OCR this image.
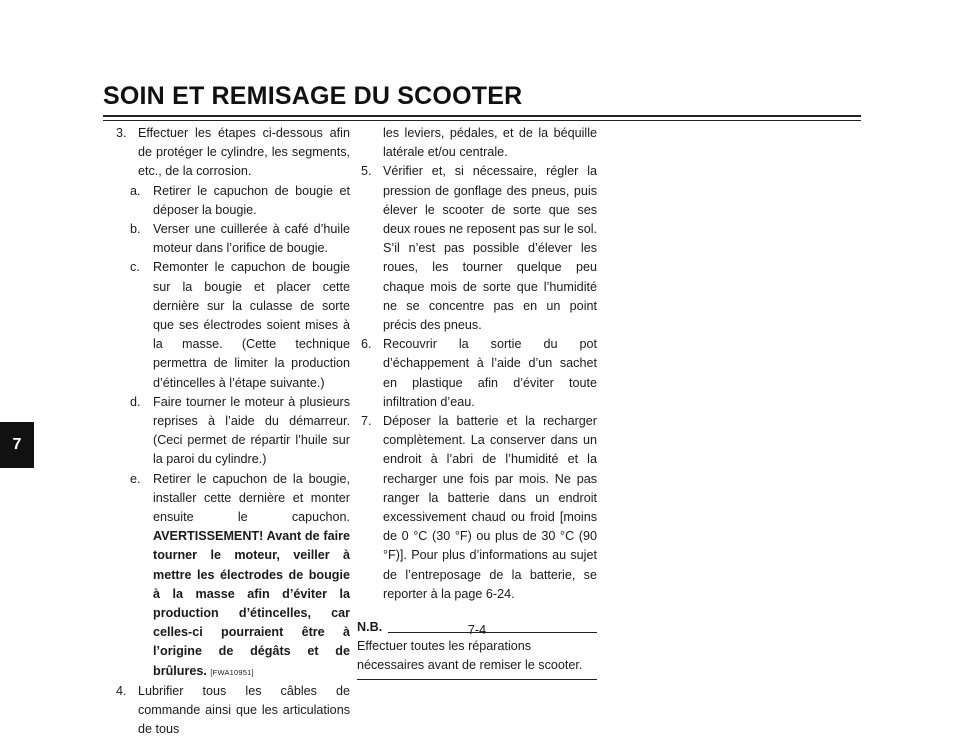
SOIN ET REMISAGE DU SCOOTER
7

3. Effectuer les étapes ci-dessous afin de protéger le cylindre, les segments, etc., de la corrosion.

a. Retirer le capuchon de bougie et déposer la bougie.

b. Verser une cuillerée à café d’huile moteur dans l’orifice de bougie.

c. Remonter le capuchon de bougie sur la bougie et placer cette dernière sur la culasse de sorte que ses électrodes soient mises à la masse. (Cette technique permettra de limiter la production d’étincelles à l’étape suivante.)

d. Faire tourner le moteur à plusieurs reprises à l’aide du démarreur. (Ceci permet de répartir l’huile sur la paroi du cylindre.)

e. Retirer le capuchon de la bougie, installer cette dernière et monter ensuite le capuchon. AVERTISSEMENT! Avant de faire tourner le moteur, veiller à mettre les électrodes de bougie à la masse afin d’éviter la production d’étincelles, car celles-ci pourraient être à l’origine de dégâts et de brûlures. [FWA10951]

4. Lubrifier tous les câbles de commande ainsi que les articulations de tous

les leviers, pédales, et de la béquille latérale et/ou centrale.

5. Vérifier et, si nécessaire, régler la pression de gonflage des pneus, puis élever le scooter de sorte que ses deux roues ne reposent pas sur le sol. S’il n’est pas possible d’élever les roues, les tourner quelque peu chaque mois de sorte que l’humidité ne se concentre pas en un point précis des pneus.

6. Recouvrir la sortie du pot d’échappement à l’aide d’un sachet en plastique afin d’éviter toute infiltration d’eau.

7. Déposer la batterie et la recharger complètement. La conserver dans un endroit à l’abri de l’humidité et la recharger une fois par mois. Ne pas ranger la batterie dans un endroit excessivement chaud ou froid [moins de 0 °C (30 °F) ou plus de 30 °C (90 °F)]. Pour plus d’informations au sujet de l’entreposage de la batterie, se reporter à la page 6-24.

N.B.

Effectuer toutes les réparations nécessaires avant de remiser le scooter.

7-4
